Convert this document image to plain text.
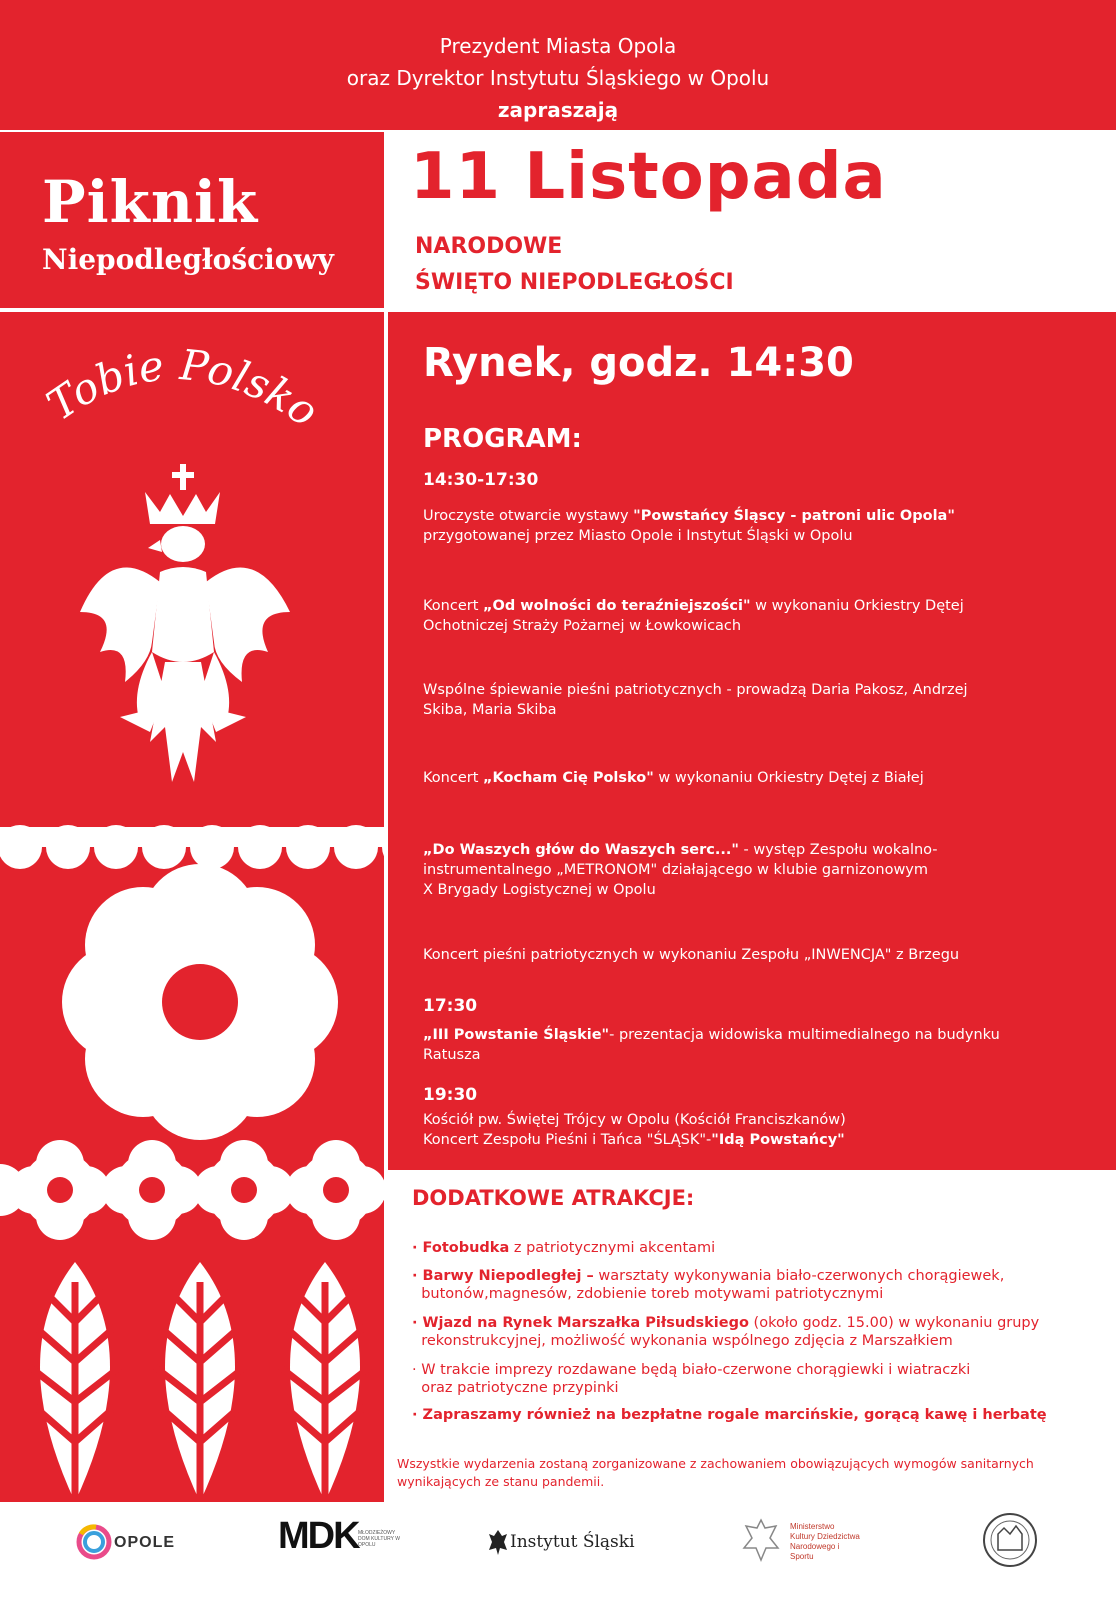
Prezydent Miasta Opola
oraz Dyrektor Instytutu Śląskiego w Opolu
zapraszają
Piknik
Niepodległościowy
11 Listopada
NARODOWE
ŚWIĘTO NIEPODLEGŁOŚCI
Tobie Polsko
Rynek, godz. 14:30
PROGRAM:
14:30-17:30
Uroczyste otwarcie wystawy "Powstańcy Śląscy - patroni ulic Opola"
przygotowanej przez Miasto Opole i Instytut Śląski w Opolu
Koncert „Od wolności do teraźniejszości" w wykonaniu Orkiestry Dętej
Ochotniczej Straży Pożarnej w Łowkowicach
Wspólne śpiewanie pieśni patriotycznych - prowadzą Daria Pakosz, Andrzej
Skiba, Maria Skiba
Koncert „Kocham Cię Polsko" w wykonaniu Orkiestry Dętej z Białej
„Do Waszych głów do Waszych serc..." - występ Zespołu wokalno-
instrumentalnego „METRONOM" działającego w klubie garnizonowym
X Brygady Logistycznej w Opolu
Koncert pieśni patriotycznych w wykonaniu Zespołu „INWENCJA" z Brzegu
17:30
„III Powstanie Śląskie"- prezentacja widowiska multimedialnego na budynku
Ratusza
19:30
Kościół pw. Świętej Trójcy w Opolu (Kościół Franciszkanów)
Koncert Zespołu Pieśni i Tańca "ŚLĄSK"-"Idą Powstańcy"
DODATKOWE ATRAKCJE:
· Fotobudka z patriotycznymi akcentami
· Barwy Niepodległej – warsztaty wykonywania biało-czerwonych chorągiewek,
butonów,magnesów, zdobienie toreb motywami patriotycznymi
· Wjazd na Rynek Marszałka Piłsudskiego (około godz. 15.00) w wykonaniu grupy
rekonstrukcyjnej, możliwość wykonania wspólnego zdjęcia z Marszałkiem
· W trakcie imprezy rozdawane będą biało-czerwone chorągiewki i wiatraczki
oraz patriotyczne przypinki
· Zapraszamy również na bezpłatne rogale marcińskie, gorącą kawę i herbatę
Wszystkie wydarzenia zostaną zorganizowane z zachowaniem obowiązujących wymogów sanitarnych wynikających ze stanu pandemii.
OPOLE	MDK MŁODZIEŻOWY DOM KULTURY W OPOLU	Instytut Śląski
Ministerstwo Kultury Dziedzictwa Narodowego i Sportu
